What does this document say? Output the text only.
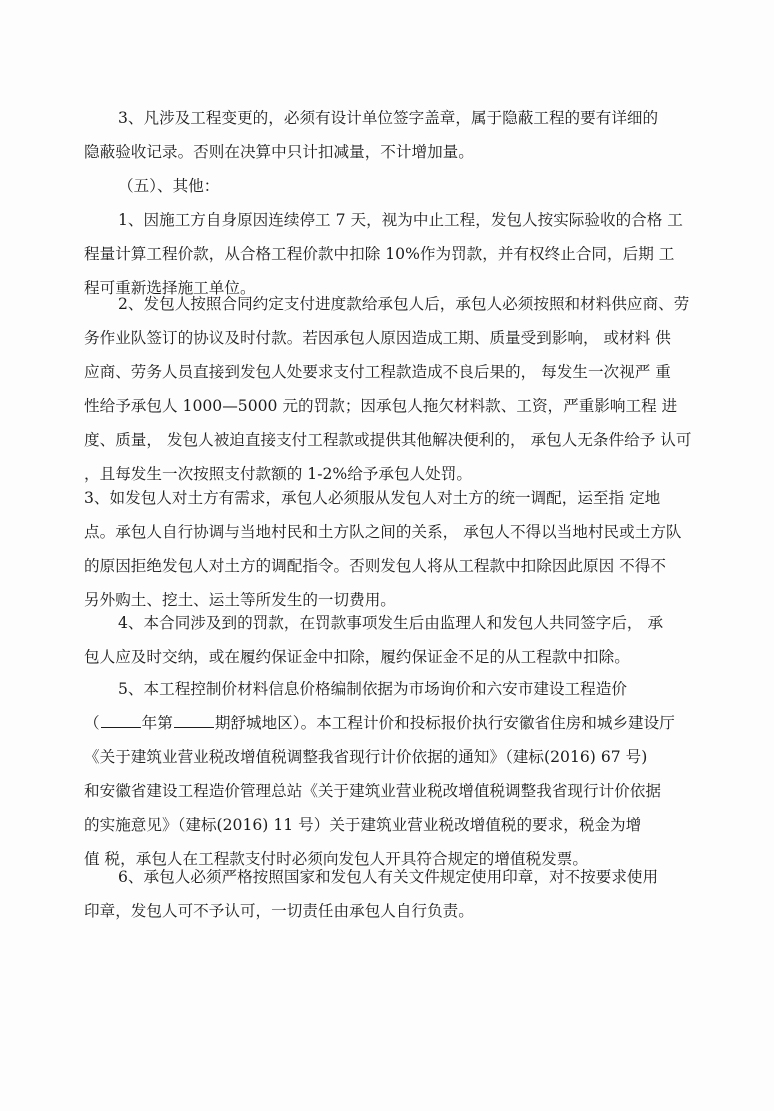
3、凡涉及工程变更的，必须有设计单位签字盖章，属于隐蔽工程的要有详细的
隐蔽验收记录。否则在决算中只计扣减量，不计增加量。
（五）、其他：
1、因施工方自身原因连续停工 7 天，视为中止工程，发包人按实际验收的合格 工
程量计算工程价款，从合格工程价款中扣除 10%作为罚款，并有权终止合同，后期 工
程可重新选择施工单位。
2、发包人按照合同约定支付进度款给承包人后，承包人必须按照和材料供应商、劳
务作业队签订的协议及时付款。若因承包人原因造成工期、质量受到影响， 或材料 供
应商、劳务人员直接到发包人处要求支付工程款造成不良后果的， 每发生一次视严 重
性给予承包人 1000—5000 元的罚款；因承包人拖欠材料款、工资，严重影响工程 进
度、质量， 发包人被迫直接支付工程款或提供其他解决便利的， 承包人无条件给予 认可
，且每发生一次按照支付款额的 1-2%给予承包人处罚。
3、如发包人对土方有需求，承包人必须服从发包人对土方的统一调配，运至指 定地
点。承包人自行协调与当地村民和土方队之间的关系， 承包人不得以当地村民或土方队
的原因拒绝发包人对土方的调配指令。否则发包人将从工程款中扣除因此原因 不得不
另外购土、挖土、运土等所发生的一切费用。
4、本合同涉及到的罚款，在罚款事项发生后由监理人和发包人共同签字后， 承
包人应及时交纳，或在履约保证金中扣除，履约保证金不足的从工程款中扣除。
5、本工程控制价材料信息价格编制依据为市场询价和六安市建设工程造价
（	年第	期舒城地区）。本工程计价和投标报价执行安徽省住房和城乡建设厅
《关于建筑业营业税改增值税调整我省现行计价依据的通知》（建标(2016) 67 号)
和安徽省建设工程造价管理总站《关于建筑业营业税改增值税调整我省现行计价依据
的实施意见》（建标(2016) 11 号）关于建筑业营业税改增值税的要求，税金为增
值 税，承包人在工程款支付时必须向发包人开具符合规定的增值税发票。
6、承包人必须严格按照国家和发包人有关文件规定使用印章，对不按要求使用
印章，发包人可不予认可，一切责任由承包人自行负责。
